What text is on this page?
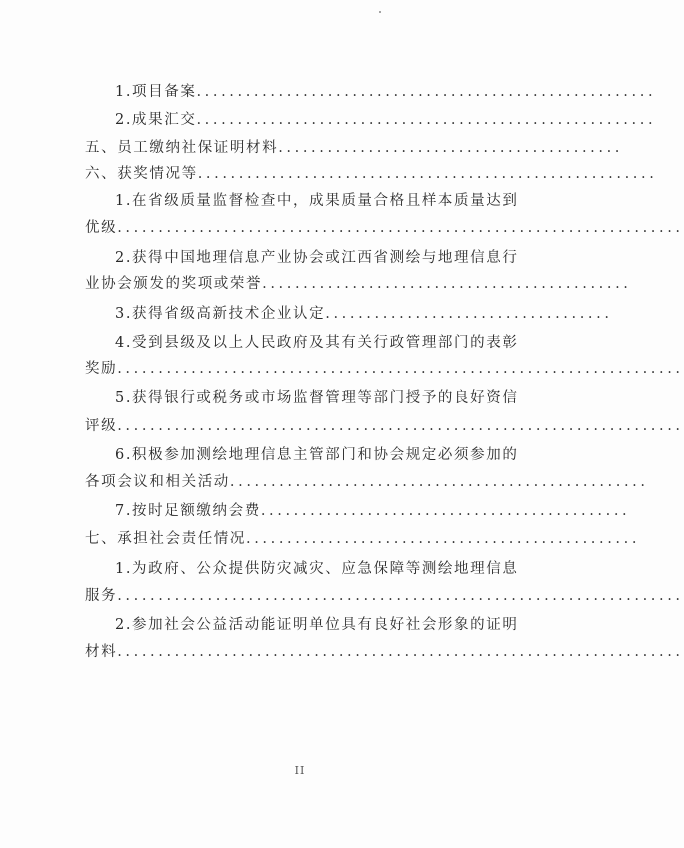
1.项目备案........................................................
2.成果汇交........................................................
五、员工缴纳社保证明材料..........................................
六、获奖情况等........................................................
1.在省级质量监督检查中，成果质量合格且样本质量达到
优级.....................................................................
2.获得中国地理信息产业协会或江西省测绘与地理信息行
业协会颁发的奖项或荣誉.............................................
3.获得省级高新技术企业认定...................................
4.受到县级及以上人民政府及其有关行政管理部门的表彰
奖励.....................................................................
5.获得银行或税务或市场监督管理等部门授予的良好资信
评级.....................................................................
6.积极参加测绘地理信息主管部门和协会规定必须参加的
各项会议和相关活动...................................................
7.按时足额缴纳会费.............................................
七、承担社会责任情况................................................
1.为政府、公众提供防灾减灾、应急保障等测绘地理信息
服务.....................................................................
2.参加社会公益活动能证明单位具有良好社会形象的证明
材料.....................................................................
II
